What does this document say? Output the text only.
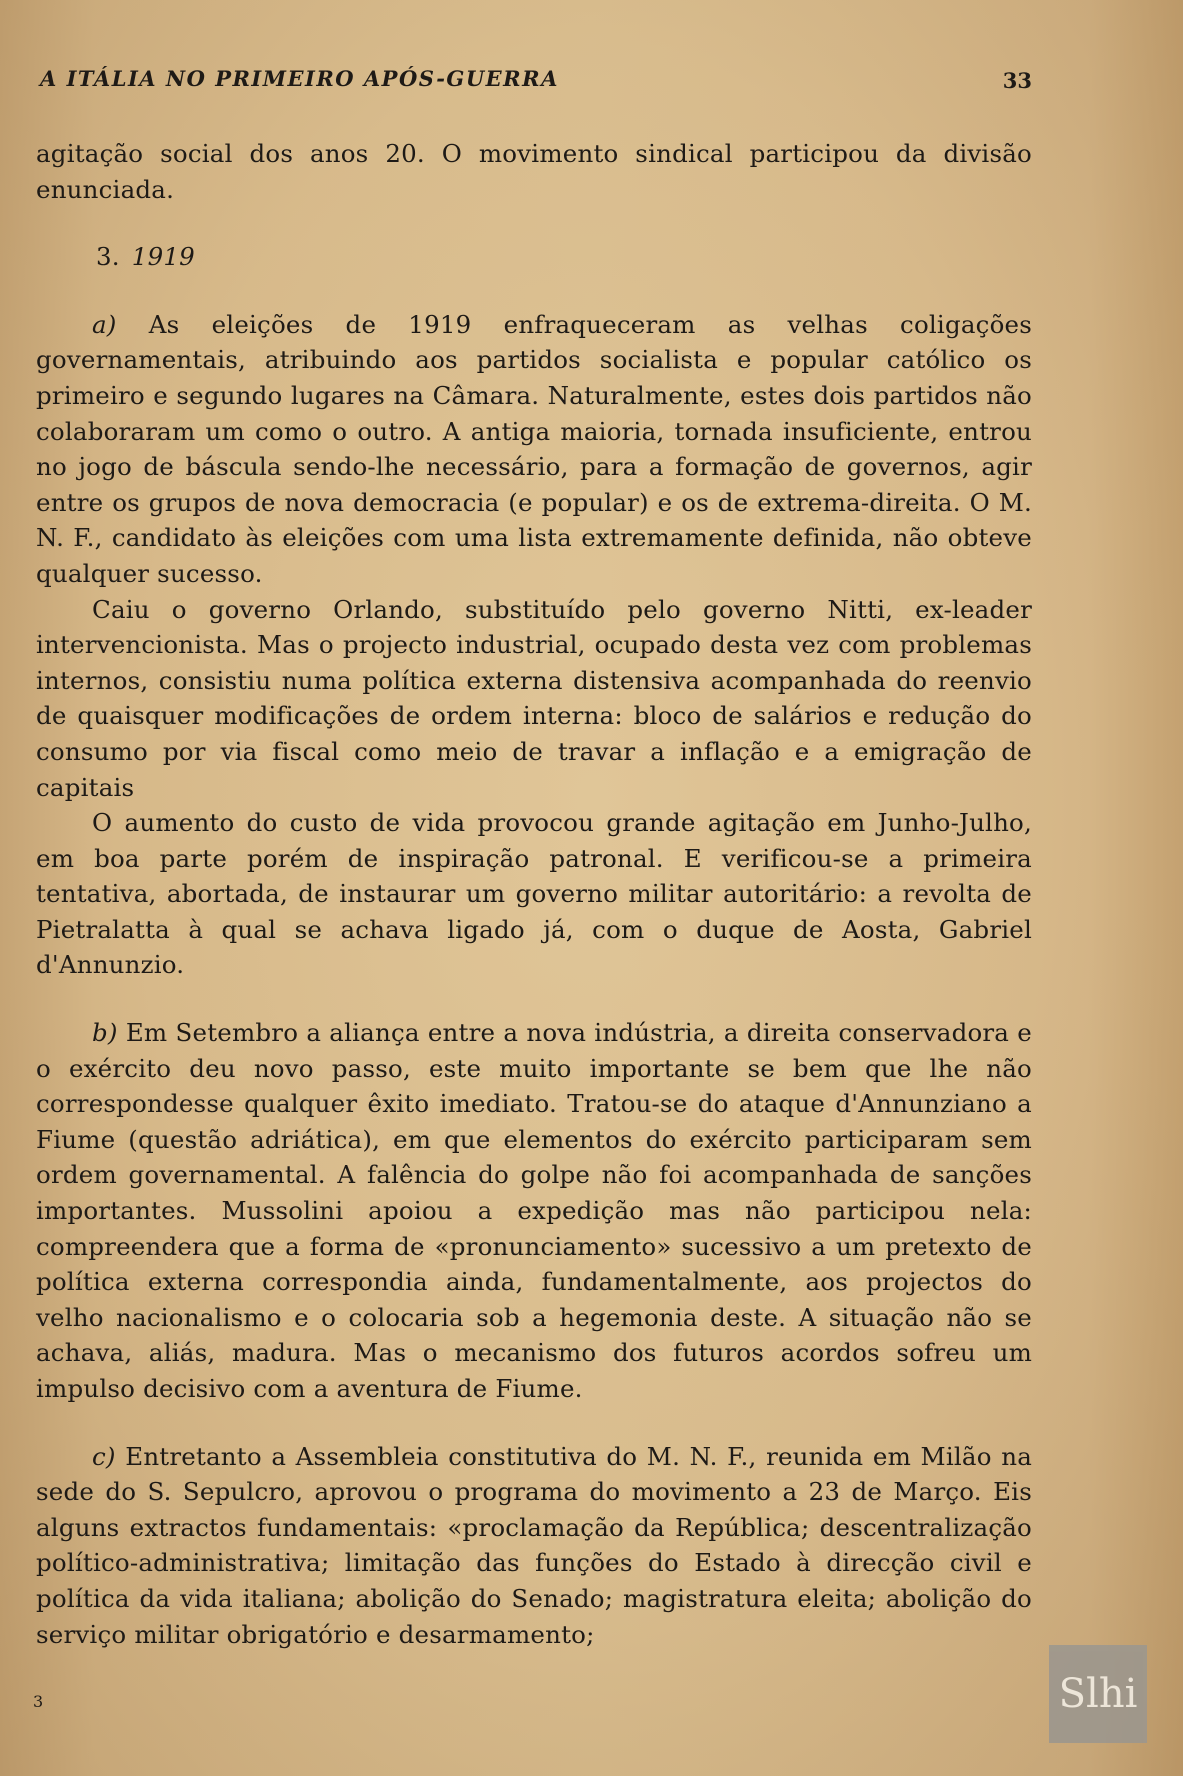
A ITÁLIA NO PRIMEIRO APÓS-GUERRA	33

agitação social dos anos 20. O movimento sindical participou da divisão enunciada.

3. 1919

a) As eleições de 1919 enfraqueceram as velhas coligações governamentais, atribuindo aos partidos socialista e popular católico os primeiro e segundo lugares na Câmara. Naturalmente, estes dois partidos não colaboraram um como o outro. A antiga maioria, tornada insuficiente, entrou no jogo de báscula sendo-lhe necessário, para a formação de governos, agir entre os grupos de nova democracia (e popular) e os de extrema-direita. O M. N. F., candidato às eleições com uma lista extremamente definida, não obteve qualquer sucesso.

Caiu o governo Orlando, substituído pelo governo Nitti, ex-leader intervencionista. Mas o projecto industrial, ocupado desta vez com problemas internos, consistiu numa política externa distensiva acompanhada do reenvio de quaisquer modificações de ordem interna: bloco de salários e redução do consumo por via fiscal como meio de travar a inflação e a emigração de capitais

O aumento do custo de vida provocou grande agitação em Junho-Julho, em boa parte porém de inspiração patronal. E verificou-se a primeira tentativa, abortada, de instaurar um governo militar autoritário: a revolta de Pietralatta à qual se achava ligado já, com o duque de Aosta, Gabriel d'Annunzio.

b) Em Setembro a aliança entre a nova indústria, a direita conservadora e o exército deu novo passo, este muito importante se bem que lhe não correspondesse qualquer êxito imediato. Tratou-se do ataque d'Annunziano a Fiume (questão adriática), em que elementos do exército participaram sem ordem governamental. A falência do golpe não foi acompanhada de sanções importantes. Mussolini apoiou a expedição mas não participou nela: compreendera que a forma de «pronunciamento» sucessivo a um pretexto de política externa correspondia ainda, fundamentalmente, aos projectos do velho nacionalismo e o colocaria sob a hegemonia deste. A situação não se achava, aliás, madura. Mas o mecanismo dos futuros acordos sofreu um impulso decisivo com a aventura de Fiume.

c) Entretanto a Assembleia constitutiva do M. N. F., reunida em Milão na sede do S. Sepulcro, aprovou o programa do movimento a 23 de Março. Eis alguns extractos fundamentais: «proclamação da República; descentralização político-administrativa; limitação das funções do Estado à direcção civil e política da vida italiana; abolição do Senado; magistratura eleita; abolição do serviço militar obrigatório e desarmamento;

3	Slhi
